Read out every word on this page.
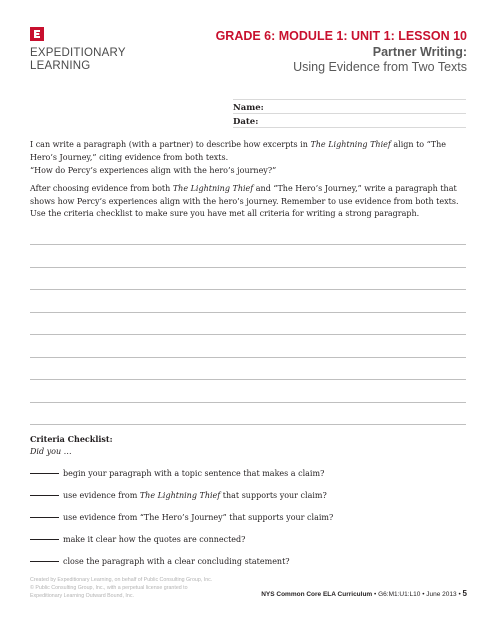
EXPEDITIONARY
LEARNING
GRADE 6: MODULE 1: UNIT 1: LESSON 10
Partner Writing:
Using Evidence from Two Texts
Name:
Date:
I can write a paragraph (with a partner) to describe how excerpts in The Lightning Thief align to “The Hero’s Journey,” citing evidence from both texts.
“How do Percy’s experiences align with the hero’s journey?”
After choosing evidence from both The Lightning Thief and “The Hero’s Journey,” write a paragraph that shows how Percy’s experiences align with the hero’s journey. Remember to use evidence from both texts. Use the criteria checklist to make sure you have met all criteria for writing a strong paragraph.
Criteria Checklist:
Did you …
begin your paragraph with a topic sentence that makes a claim?
use evidence from The Lightning Thief that supports your claim?
use evidence from “The Hero’s Journey” that supports your claim?
make it clear how the quotes are connected?
close the paragraph with a clear concluding statement?
Created by Expeditionary Learning, on behalf of Public Consulting Group, Inc.
© Public Consulting Group, Inc., with a perpetual license granted to
Expeditionary Learning Outward Bound, Inc.	NYS Common Core ELA Curriculum • G6:M1:U1:L10 • June 2013 • 5
